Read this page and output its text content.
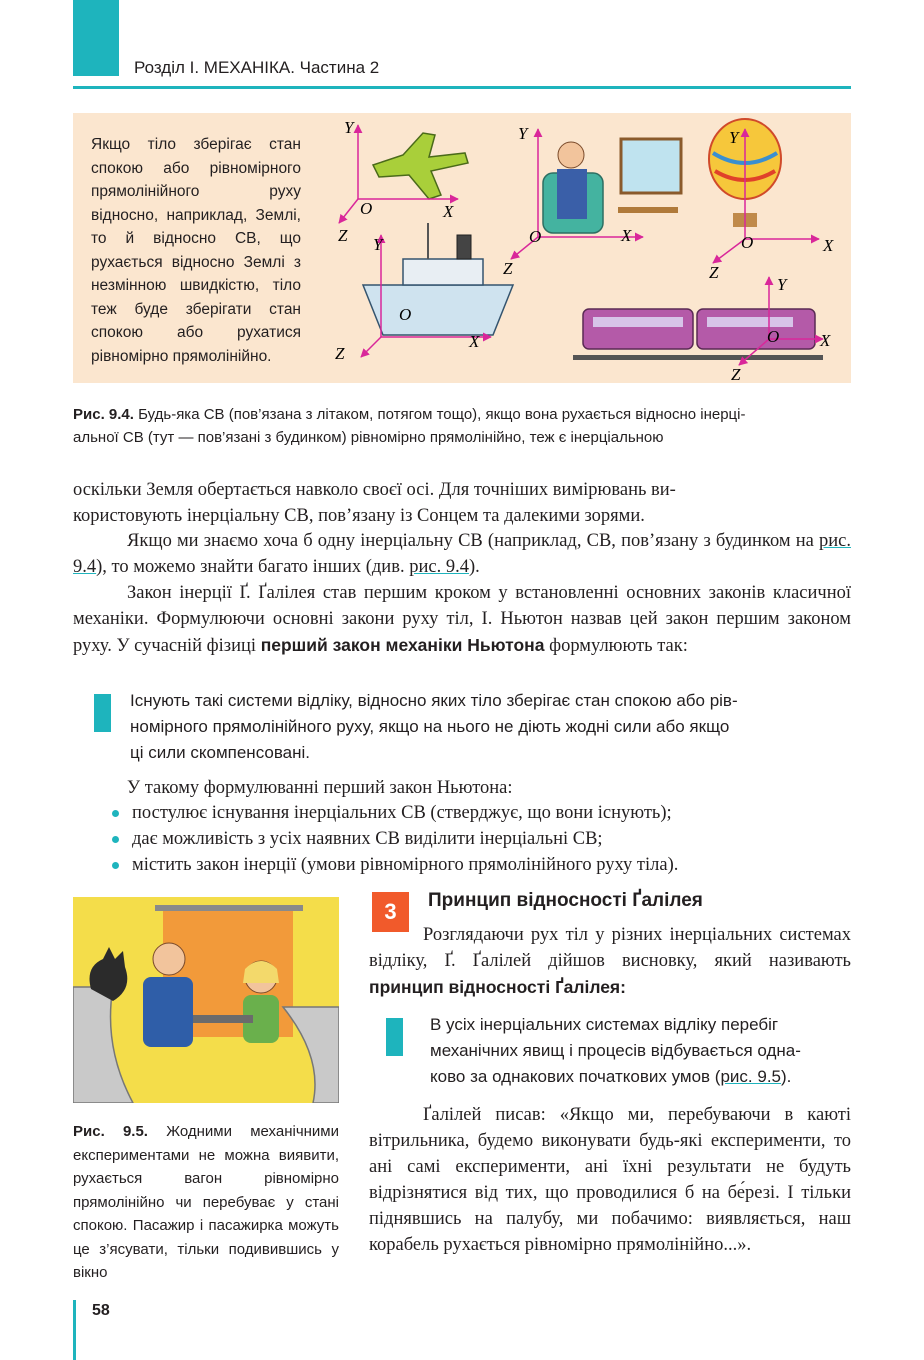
Розділ I. МЕХАНІКА. Частина 2
Якщо тіло зберігає стан спокою або рівномірного прямолінійного руху відносно, наприклад, Землі, то й відносно СВ, що рухається відносно Землі з незмінною швидкістю, тіло теж буде зберігати стан спокою або рухатися рівномірно прямолінійно.
Y
O	X
Z
Y
O	X
Z
Y
O	X
Z
Y
O
X
Z
Y
O X
Z
Рис. 9.4. Будь-яка СВ (пов’язана з літаком, потягом тощо), якщо вона рухається відносно інерці-
альної СВ (тут — пов’язані з будинком) рівномірно прямолінійно, теж є інерціальною
оскільки Земля обертається навколо своєї осі. Для точніших вимірювань ви-
користовують інерціальну СВ, пов’язану із Сонцем та далекими зорями.
Якщо ми знаємо хоча б одну інерціальну СВ (наприклад, СВ, пов’язану з будинком на рис. 9.4), то можемо знайти багато інших (див. рис. 9.4).
Закон інерції Ґ. Ґалілея став першим кроком у встановленні основних законів класичної механіки. Формулюючи основні закони руху тіл, І. Ньютон назвав цей закон першим законом руху. У сучасній фізиці перший закон механіки Ньютона формулюють так:
Існують такі системи відліку, відносно яких тіло зберігає стан спокою або рів-
номірного прямолінійного руху, якщо на нього не діють жодні сили або якщо
ці сили скомпенсовані.
У такому формулюванні перший закон Ньютона:
постулює існування інерціальних СВ (стверджує, що вони існують);
дає можливість з усіх наявних СВ виділити інерціальні СВ;
містить закон інерції (умови рівномірного прямолінійного руху тіла).
Рис. 9.5. Жодними механічними експериментами не можна виявити, рухається вагон рівномірно прямолінійно чи перебуває у стані спокою. Пасажир і пасажирка можуть це з’ясувати, тільки подивившись у вікно
3	Принцип відносності Ґалілея
Розглядаючи рух тіл у різних інерціальних системах відліку, Ґ. Ґалілей дійшов висновку, який називають принцип відносності Ґалілея:
В усіх інерціальних системах відліку перебіг
механічних явищ і процесів відбувається одна-
ково за однакових початкових умов (рис. 9.5).
Ґалілей писав: «Якщо ми, перебуваючи в каюті вітрильника, будемо виконувати будь-які експерименти, то ані самі експерименти, ані їхні результати не будуть відрізнятися від тих, що проводилися б на бе́резі. І тільки піднявшись на палубу, ми побачимо: виявляється, наш корабель рухається рівномірно прямолінійно...».
58
